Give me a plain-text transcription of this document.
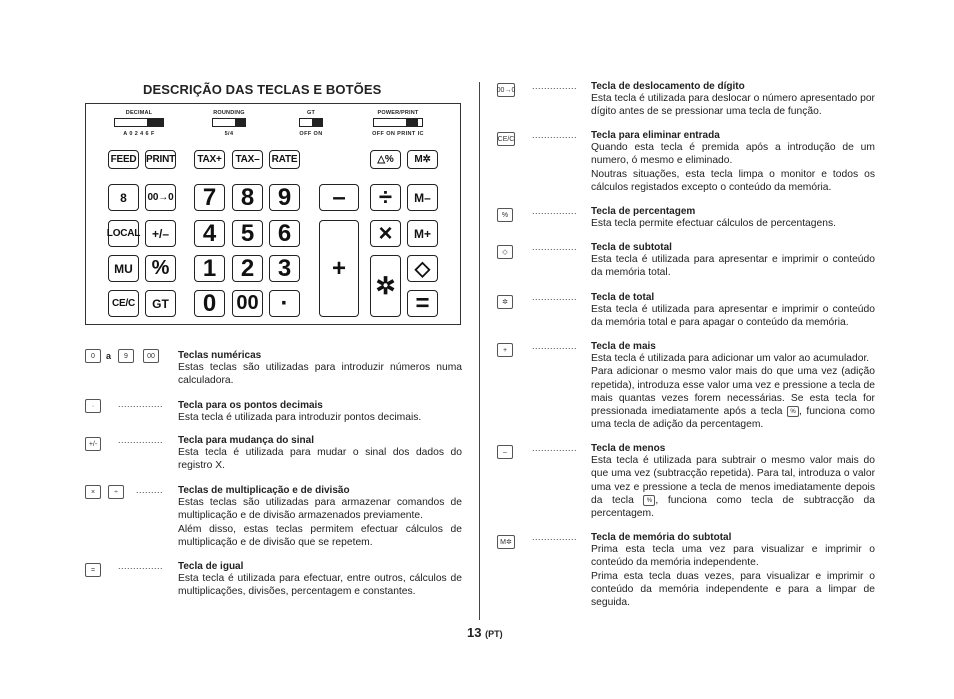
DESCRIÇÃO DAS TECLAS E BOTÕES
DECIMAL
A 0 2 4 6 F
ROUNDING
5/4
GT
OFF ON
POWER/PRINT
OFF ON PRINT IC
FEED PRINT	TAX+	TAX–	RATE	△%	M✲
8	00→0	7	8 9	–	÷	M–
LOCAL +/–	4	5 6
+
×	M+
MU %	1	2 3
✲
◇
CE/C	GT	0	00 ·	=
0	a	9	00	Teclas numéricas

Estas teclas são utilizadas para introduzir números numa calculadora.

·	............... Tecla para os pontos decimais

Esta tecla é utilizada para introduzir pontos decimais.

+/-	............... Tecla para mudança do sinal

Esta tecla é utilizada para mudar o sinal dos dados do registro X.

×	÷	......... Teclas de multiplicação e de divisão

Estas teclas são utilizadas para armazenar comandos de multiplicação e de divisão armazenados previamente.

Além disso, estas teclas permitem efectuar cálculos de multiplicação e de divisão que se repetem.

=	............... Tecla de igual

Esta tecla é utilizada para efectuar, entre outros, cálculos de multiplicações, divisões, percentagem e constantes.

00→0 ............... Tecla de deslocamento de dígito

Esta tecla é utilizada para deslocar o número apresentado por dígito antes de se pressionar uma tecla de função.

CE/C ............... Tecla para eliminar entrada

Quando esta tecla é premida após a introdução de um numero, ó mesmo e eliminado.

Noutras situações, esta tecla limpa o monitor e todos os cálculos registados excepto o conteúdo da memória.

%	............... Tecla de percentagem

Esta tecla permite efectuar cálculos de percentagens.

◇
............... Tecla de subtotal

Esta tecla é utilizada para apresentar e imprimir o conteúdo da memória total.

✲
............... Tecla de total

Esta tecla é utilizada para apresentar e imprimir o conteúdo da memória total e para apagar o conteúdo da memória.

+	............... Tecla de mais

Esta tecla é utilizada para adicionar um valor ao acumulador.

Para adicionar o mesmo valor mais do que uma vez (adição repetida), introduza esse valor uma vez e pressione a tecla de mais quantas vezes forem necessárias. Se esta tecla for pressionada imediatamente após a tecla % , funciona como uma tecla de adição da percentagem.

–	............... Tecla de menos

Esta tecla é utilizada para subtrair o mesmo valor mais do que uma vez (subtracção repetida). Para tal, introduza o valor uma vez e pressione a tecla de menos imediatamente depois da tecla % , funciona como tecla de subtracção da percentagem.

M✲
............... Tecla de memória do subtotal

Prima esta tecla uma vez para visualizar e imprimir o conteúdo da memória independente.

Prima esta tecla duas vezes, para visualizar e imprimir o conteúdo da memória independente e para a limpar de seguida.

13 (PT)
